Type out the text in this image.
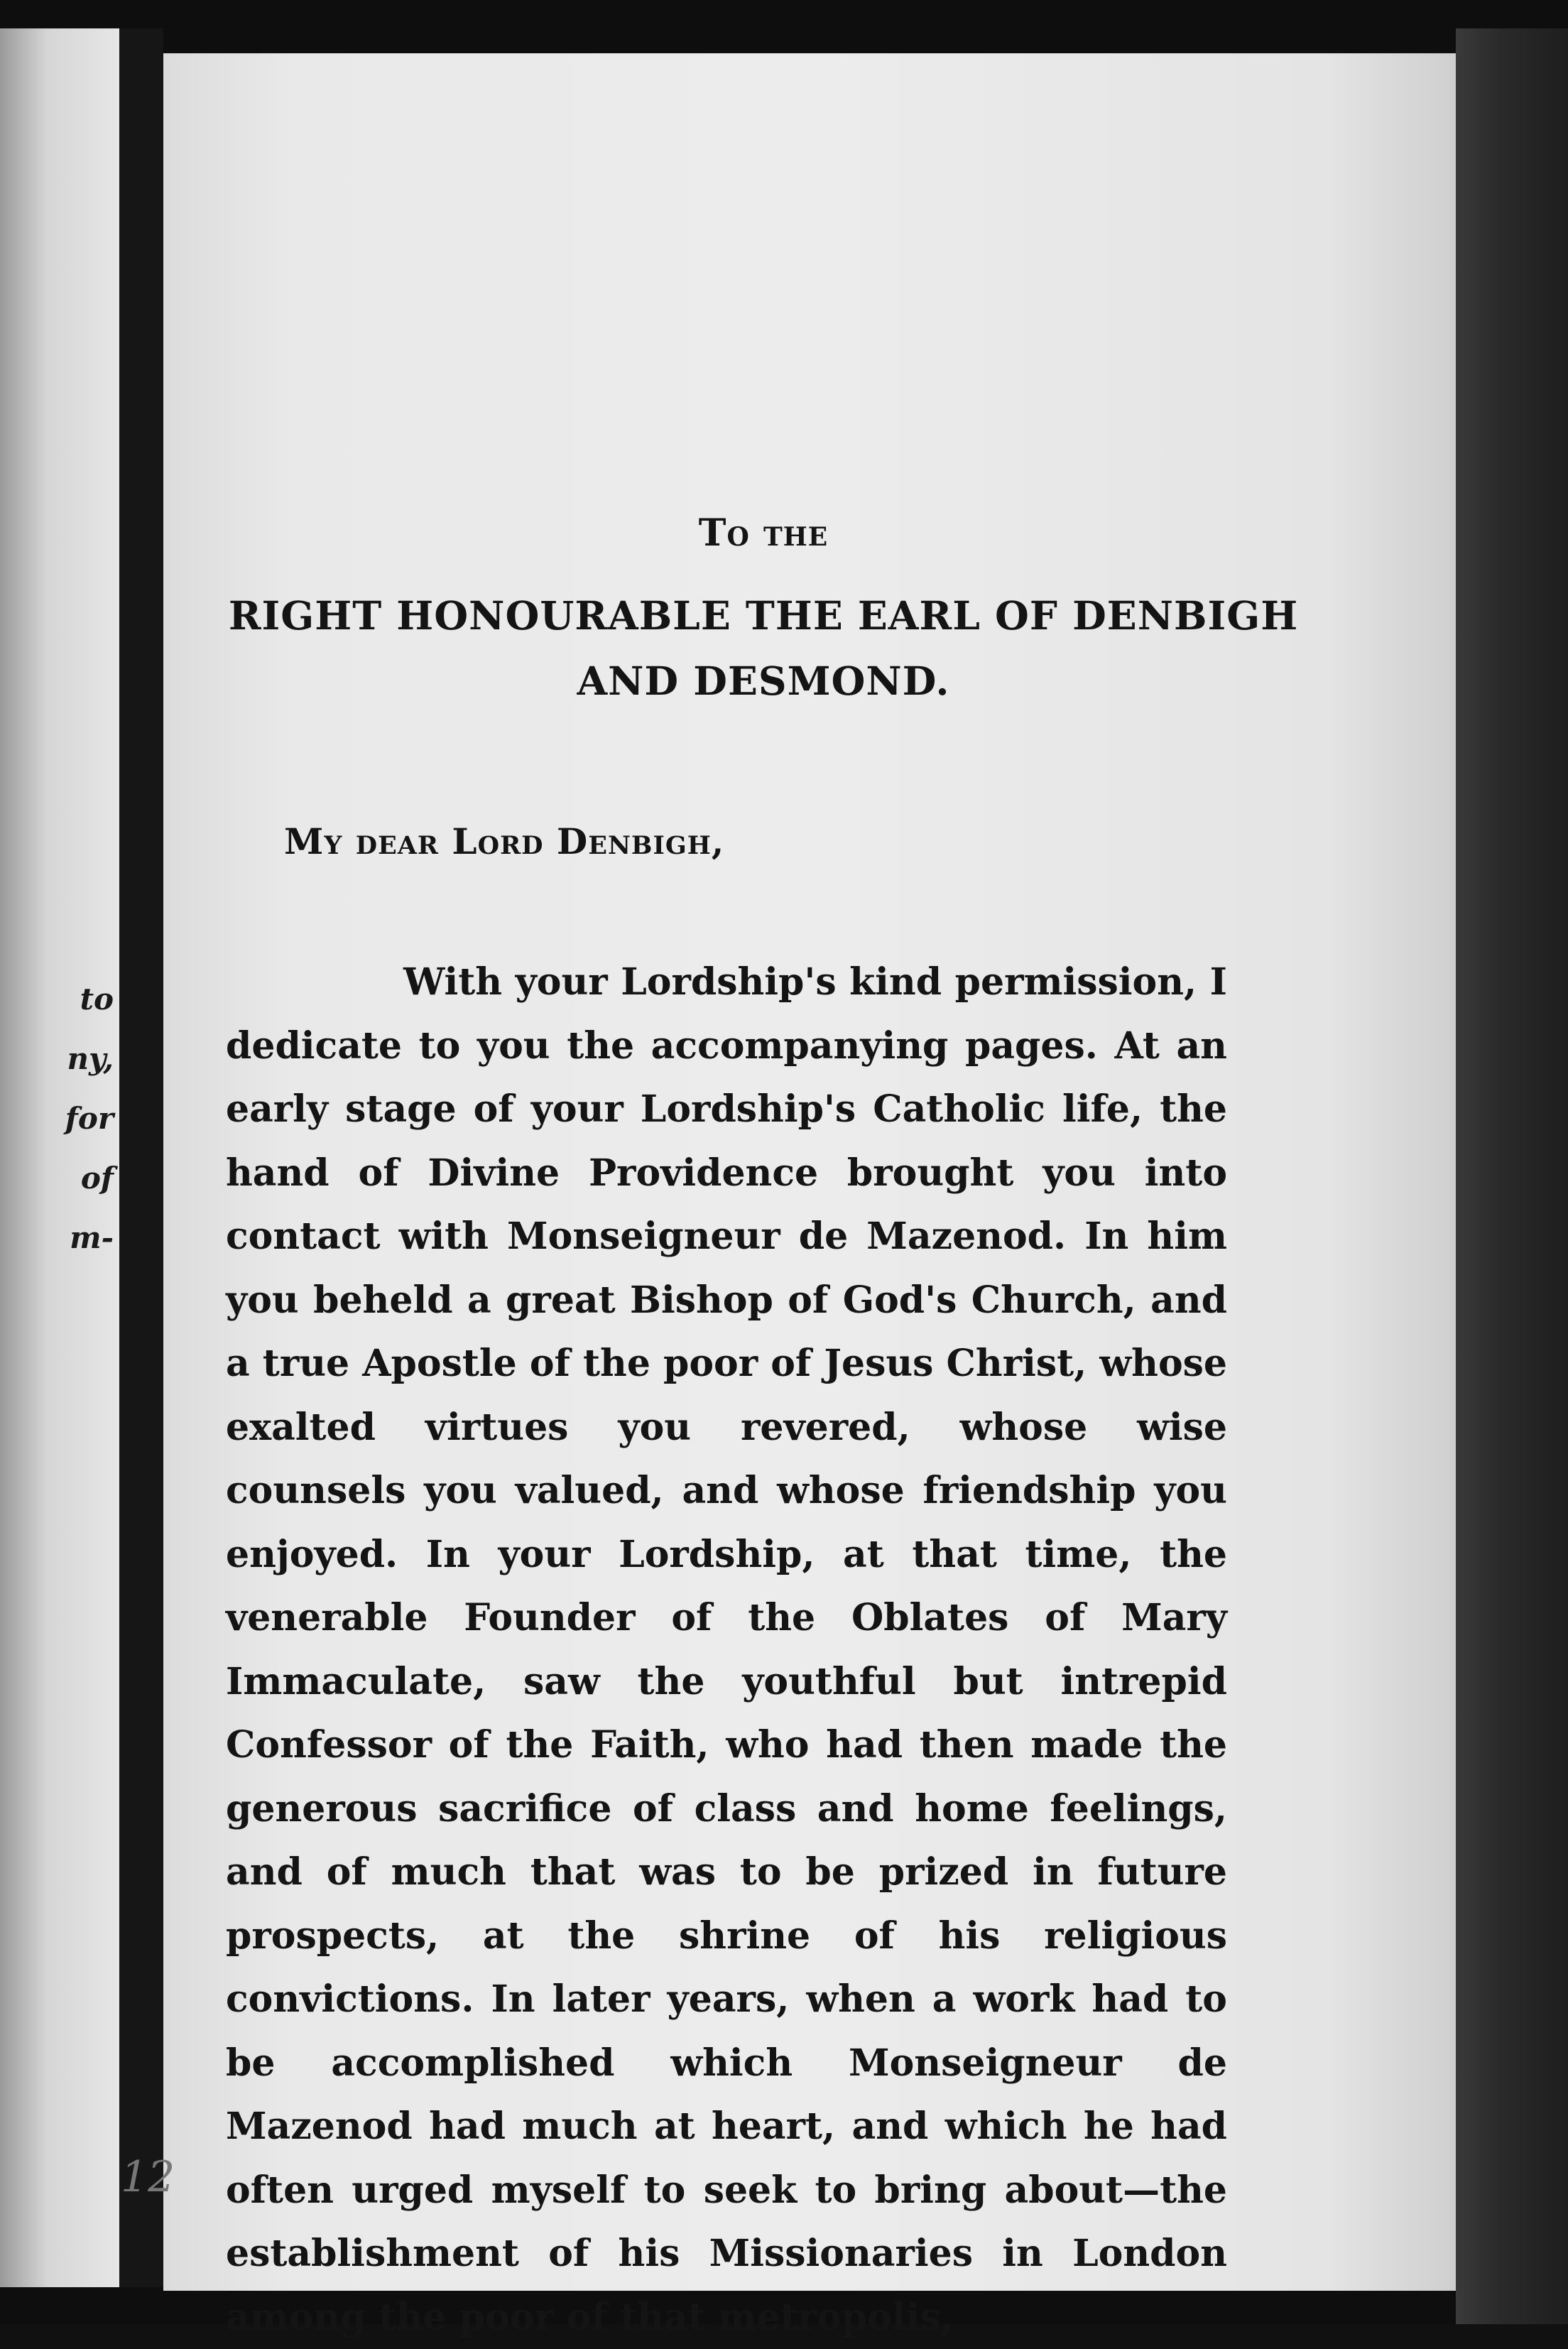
to
ny,
for
of
m-
To the
RIGHT HONOURABLE THE EARL OF DENBIGH AND DESMOND.
My dear Lord Denbigh,

With your Lordship's kind permission, I dedicate to you the accompanying pages. At an early stage of your Lordship's Catholic life, the hand of Divine Providence brought you into contact with Monseigneur de Mazenod. In him you beheld a great Bishop of God's Church, and a true Apostle of the poor of Jesus Christ, whose exalted virtues you revered, whose wise counsels you valued, and whose friendship you enjoyed. In your Lordship, at that time, the venerable Founder of the Oblates of Mary Immaculate, saw the youthful but intrepid Confessor of the Faith, who had then made the generous sacrifice of class and home feelings, and of much that was to be prized in future prospects, at the shrine of his religious convictions. In later years, when a work had to be accomplished which Monseigneur de Mazenod had much at heart, and which he had often urged myself to seek to bring about—the establishment of his Missionaries in London among the poor of that metropolis,

12
